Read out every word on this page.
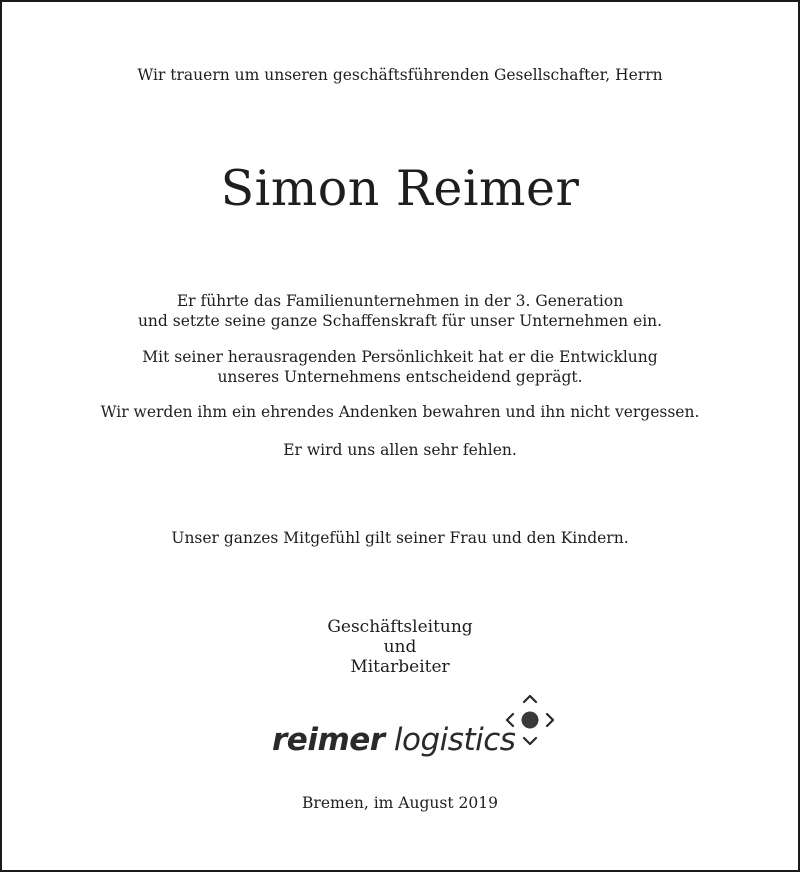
Wir trauern um unseren geschäftsführenden Gesellschafter, Herrn

Simon Reimer
Er führte das Familienunternehmen in der 3. Generation
und setzte seine ganze Schaffenskraft für unser Unternehmen ein.
Mit seiner herausragenden Persönlichkeit hat er die Entwicklung
unseres Unternehmens entscheidend geprägt.
Wir werden ihm ein ehrendes Andenken bewahren und ihn nicht vergessen.
Er wird uns allen sehr fehlen.
Unser ganzes Mitgefühl gilt seiner Frau und den Kindern.
Geschäftsleitung
und
Mitarbeiter
reimer logistics
Bremen, im August 2019
